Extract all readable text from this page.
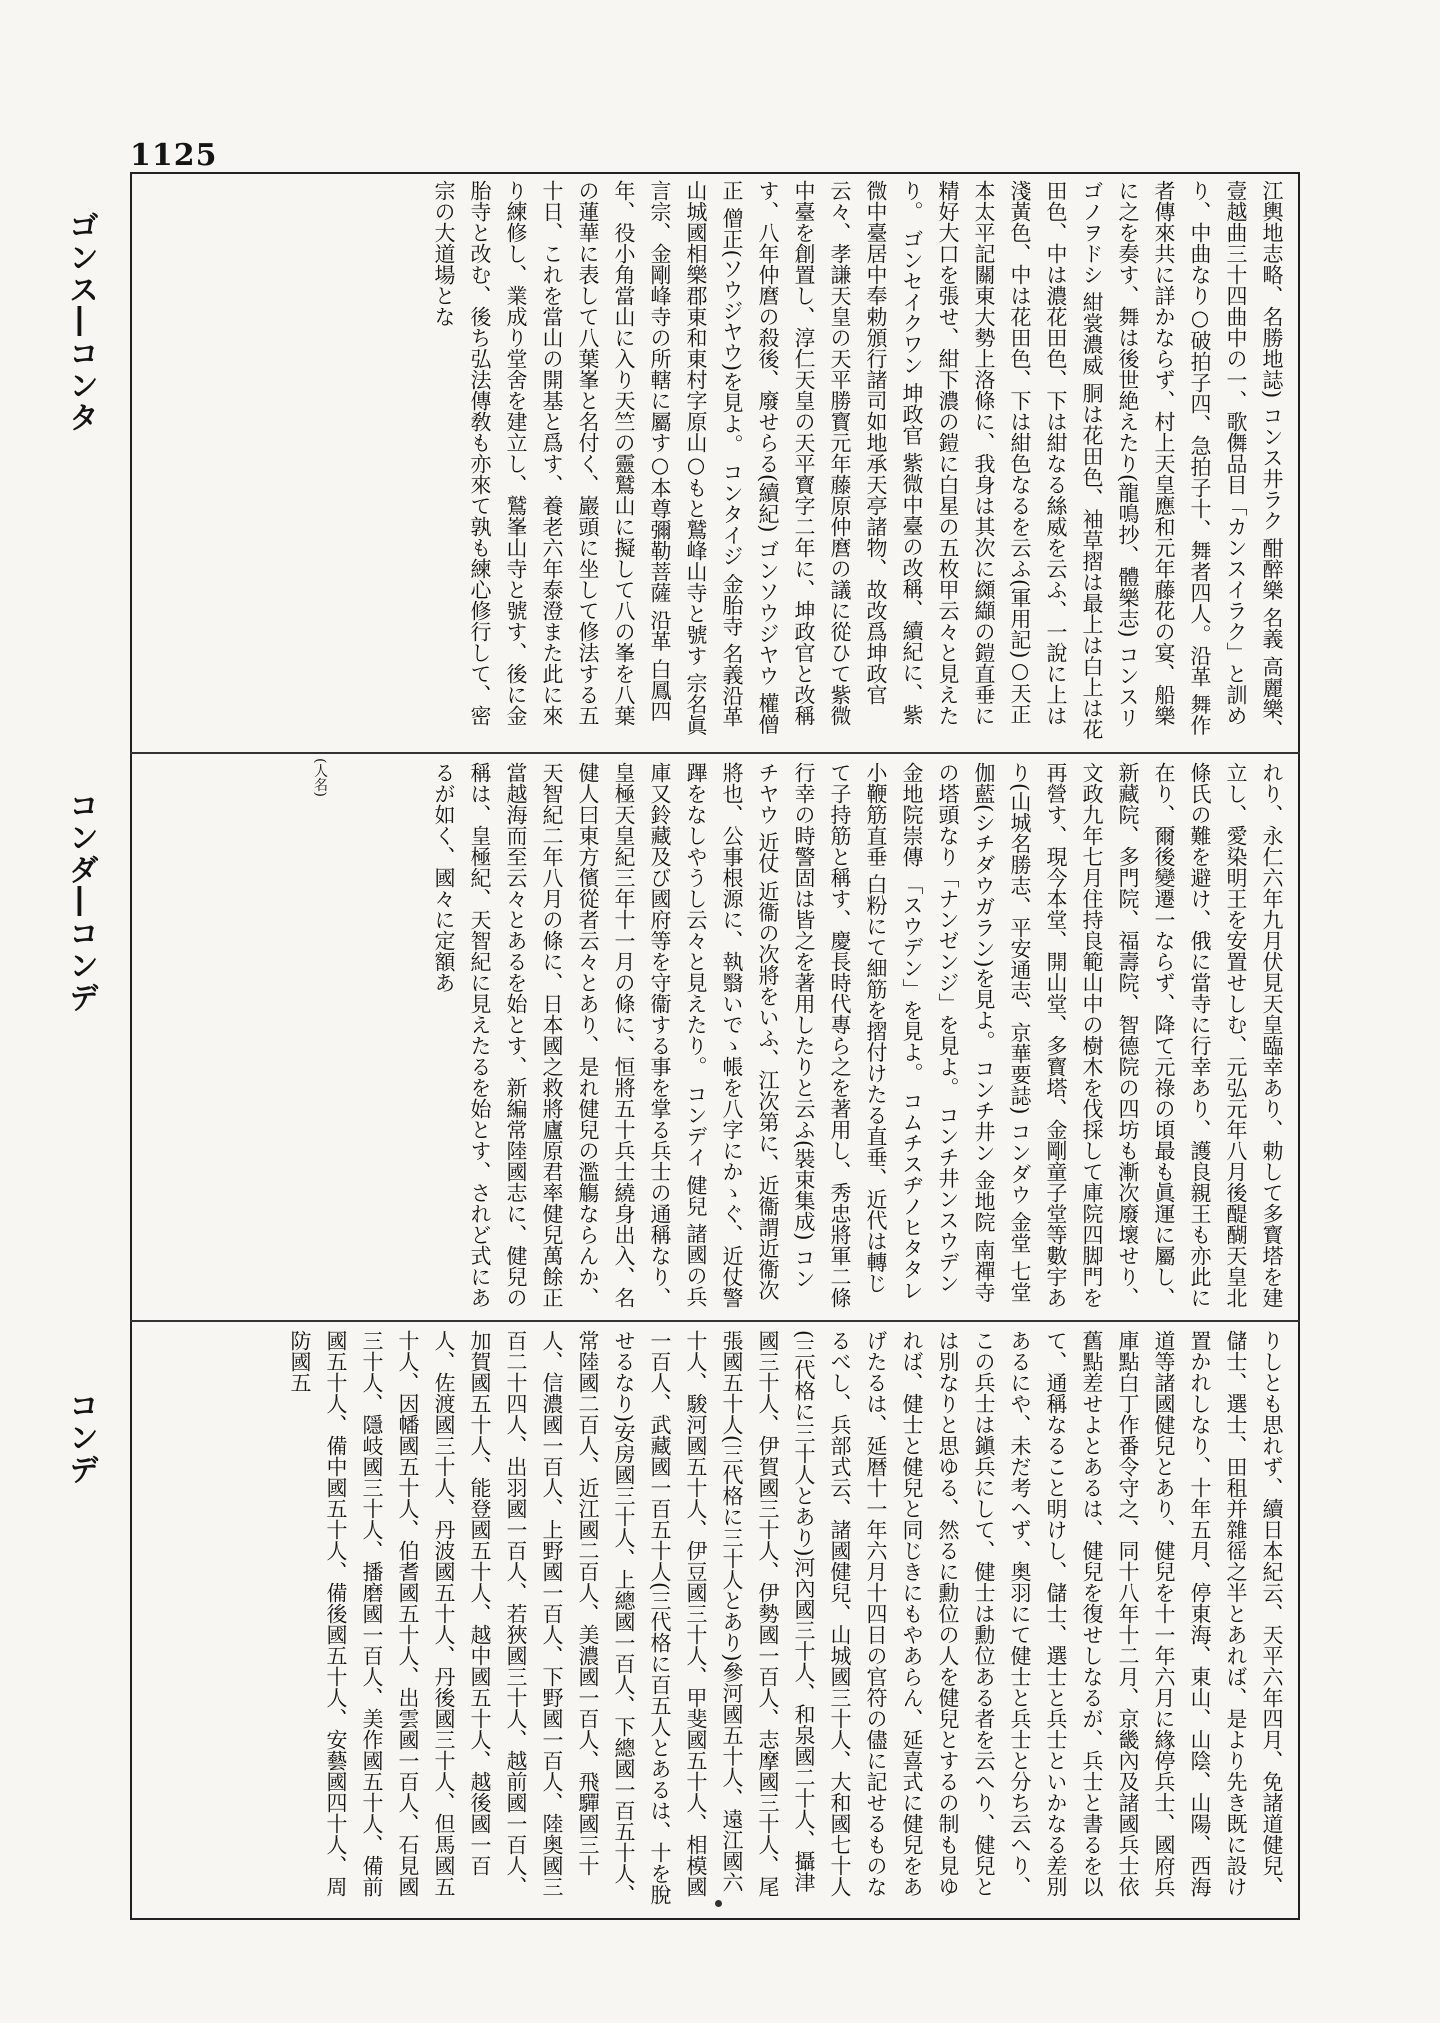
1125
ゴンス―コンタ
コンダ―コンデ
コンデ
江輿地志略、名勝地誌) コンス井ラク 酣醉樂 名義 高麗樂、壹越曲三十四曲中の一、歌儛品目「カンスイラク」と訓めり、中曲なり○破拍子四、急拍子十、舞者四人。沿革 舞作者傳來共に詳かならず、村上天皇應和元年藤花の宴、船樂に之を奏す、舞は後世絶えたり(龍鳴抄、體樂志) コンスリゴノヲドシ 紺裳濃威 胴は花田色、袖草摺は最上は白上は花田色、中は濃花田色、下は紺なる絲威を云ふ、一說に上は淺黃色、中は花田色、下は紺色なるを云ふ(軍用記)○天正本太平記關東大勢上洛條に、我身は其次に纐纈の鎧直垂に精好大口を張せ、紺下濃の鎧に白星の五枚甲云々と見えたり。 ゴンセイクワン 坤政官 紫微中臺の改稱、續紀に、紫微中臺居中奉勅頒行諸司如地承天亭諸物、故改爲坤政官云々、孝謙天皇の天平勝寳元年藤原仲麿の議に從ひて紫微中臺を創置し、淳仁天皇の天平寳字二年に、坤政官と改稱す、八年仲麿の殺後、廢せらる(續紀) ゴンソウジヤウ 權僧正 僧正(ソウジヤウ)を見よ。 コンタイジ 金胎寺 名義沿革 山城國相樂郡東和東村字原山○もと鷲峰山寺と號す 宗名眞言宗、金剛峰寺の所轄に屬す○本尊彌勒菩薩 沿革 白鳳四年、役小角當山に入り天竺の靈鷲山に擬して八の峯を八葉の蓮華に表して八葉峯と名付く、巖頭に坐して修法する五十日、これを當山の開基と爲す、養老六年泰澄また此に來り練修し、業成り堂舍を建立し、鷲峯山寺と號す、後に金胎寺と改む、後ち弘法傳敎も亦來て孰も練心修行して、密宗の大道場とな
(人名)	れり、永仁六年九月伏見天皇臨幸あり、勅して多寳塔を建立し、愛染明王を安置せしむ、元弘元年八月後醍醐天皇北條氏の難を避け、俄に當寺に行幸あり、護良親王も亦此に在り、爾後變遷一ならず、降て元祿の頃最も眞運に屬し、新藏院、多門院、福壽院、智德院の四坊も漸次廢壞せり、文政九年七月住持良範山中の樹木を伐採して庫院四脚門を再營す、現今本堂、開山堂、多寳塔、金剛童子堂等數宇あり(山城名勝志、平安通志、京華要誌) コンダウ 金堂 七堂伽藍(シチダウガラン)を見よ。 コンチ井ン 金地院 南禪寺の塔頭なり「ナンゼンジ」を見よ。 コンチ井ンスウデン 金地院崇傳 「スウデン」を見よ。 コムチスヂノヒタタレ 小鞭筋直垂 白粉にて細筋を摺付けたる直垂、近代は轉じて子持筋と稱す、慶長時代專ら之を著用し、秀忠將軍二條行幸の時警固は皆之を著用したりと云ふ(裝束集成) コンチヤウ 近仗 近衞の次將をいふ、江次第に、近衞謂近衞次將也、公事根源に、執翳いでゝ帳を八字にかゝぐ、近仗警蹕をなしやうし云々と見えたり。 コンデイ 健兒 諸國の兵庫又鈴藏及び國府等を守衞する事を掌る兵士の通稱なり、皇極天皇紀三年十一月の條に、恒將五十兵士繞身出入、名健人曰東方儐從者云々とあり、是れ健兒の濫觴ならんか、天智紀二年八月の條に、日本國之救將廬原君率健兒萬餘正當越海而至云々とあるを始とす、新編常陸國志に、健兒の稱は、皇極紀、天智紀に見えたるを始とす、されど式にあるが如く、國々に定額あ
りしとも思れず、續日本紀云、天平六年四月、免諸道健兒、儲士、選士、田租并雜徭之半とあれば、是より先き既に設け置かれしなり、十年五月、停東海、東山、山陰、山陽、西海道等諸國健兒とあり、健兒を十一年六月に緣停兵士、國府兵庫點白丁作番令守之、同十八年十二月、京畿內及諸國兵士依舊點差せよとあるは、健兒を復せしなるが、兵士と書るを以て、通稱なること明けし、儲士、選士と兵士といかなる差別あるにや、未だ考へず、奥羽にて健士と兵士と分ち云へり、この兵士は鎭兵にして、健士は勳位ある者を云へり、健兒とは別なりと思ゆる、然るに勳位の人を健兒とするの制も見ゆれば、健士と健兒と同じきにもやあらん、延喜式に健兒をあげたるは、延暦十一年六月十四日の官符の儘に記せるものなるべし、兵部式云、諸國健兒、山城國三十人、大和國七十人(三代格に三十人とあり)河內國三十人、和泉國二十人、攝津國三十人、伊賀國三十人、伊勢國一百人、志摩國三十人、尾張國五十人(三代格に三十人とあり)參河國五十人、遠江國六十人、駿河國五十人、伊豆國三十人、甲斐國五十人、相模國一百人、武藏國一百五十人(三代格に百五人とあるは、十を脫せるなり)安房國三十人、上總國一百人、下總國一百五十人、常陸國二百人、近江國二百人、美濃國一百人、飛驒國三十人、信濃國一百人、上野國一百人、下野國一百人、陸奥國三百二十四人、出羽國一百人、若狹國三十人、越前國一百人、加賀國五十人、能登國五十人、越中國五十人、越後國一百人、佐渡國三十人、丹波國五十人、丹後國三十人、但馬國五十人、因幡國五十人、伯耆國五十人、出雲國一百人、石見國三十人、隱岐國三十人、播磨國一百人、美作國五十人、備前國五十人、備中國五十人、備後國五十人、安藝國四十人、周防國五
